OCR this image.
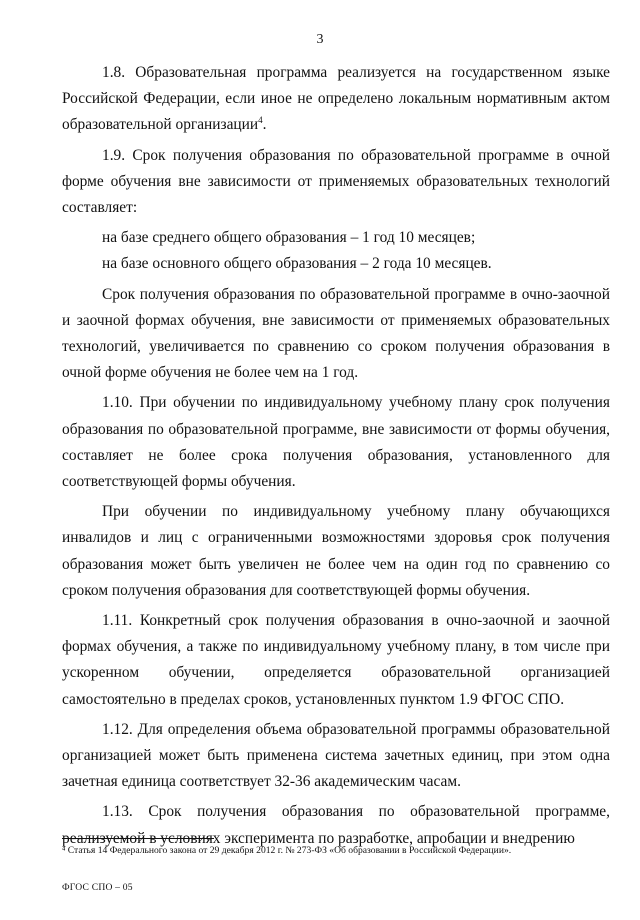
3

1.8. Образовательная программа реализуется на государственном языке Российской Федерации, если иное не определено локальным нормативным актом образовательной организации$^4$.

1.9. Срок получения образования по образовательной программе в очной форме обучения вне зависимости от применяемых образовательных технологий составляет:

на базе среднего общего образования – 1 год 10 месяцев;

на базе основного общего образования – 2 года 10 месяцев.

Срок получения образования по образовательной программе в очно-заочной и заочной формах обучения, вне зависимости от применяемых образовательных технологий, увеличивается по сравнению со сроком получения образования в очной форме обучения не более чем на 1 год.

1.10. При обучении по индивидуальному учебному плану срок получения образования по образовательной программе, вне зависимости от формы обучения, составляет не более срока получения образования, установленного для соответствующей формы обучения.

При обучении по индивидуальному учебному плану обучающихся инвалидов и лиц с ограниченными возможностями здоровья срок получения образования может быть увеличен не более чем на один год по сравнению со сроком получения образования для соответствующей формы обучения.

1.11. Конкретный срок получения образования в очно-заочной и заочной формах обучения, а также по индивидуальному учебному плану, в том числе при ускоренном обучении, определяется образовательной организацией самостоятельно в пределах сроков, установленных пунктом 1.9 ФГОС СПО.

1.12. Для определения объема образовательной программы образовательной организацией может быть применена система зачетных единиц, при этом одна зачетная единица соответствует 32-36 академическим часам.

1.13. Срок получения образования по образовательной программе, реализуемой в условиях эксперимента по разработке, апробации и внедрению

⁴ Статья 14 Федерального закона от 29 декабря 2012 г. № 273-ФЗ «Об образовании в Российской Федерации».
ФГОС СПО – 05
